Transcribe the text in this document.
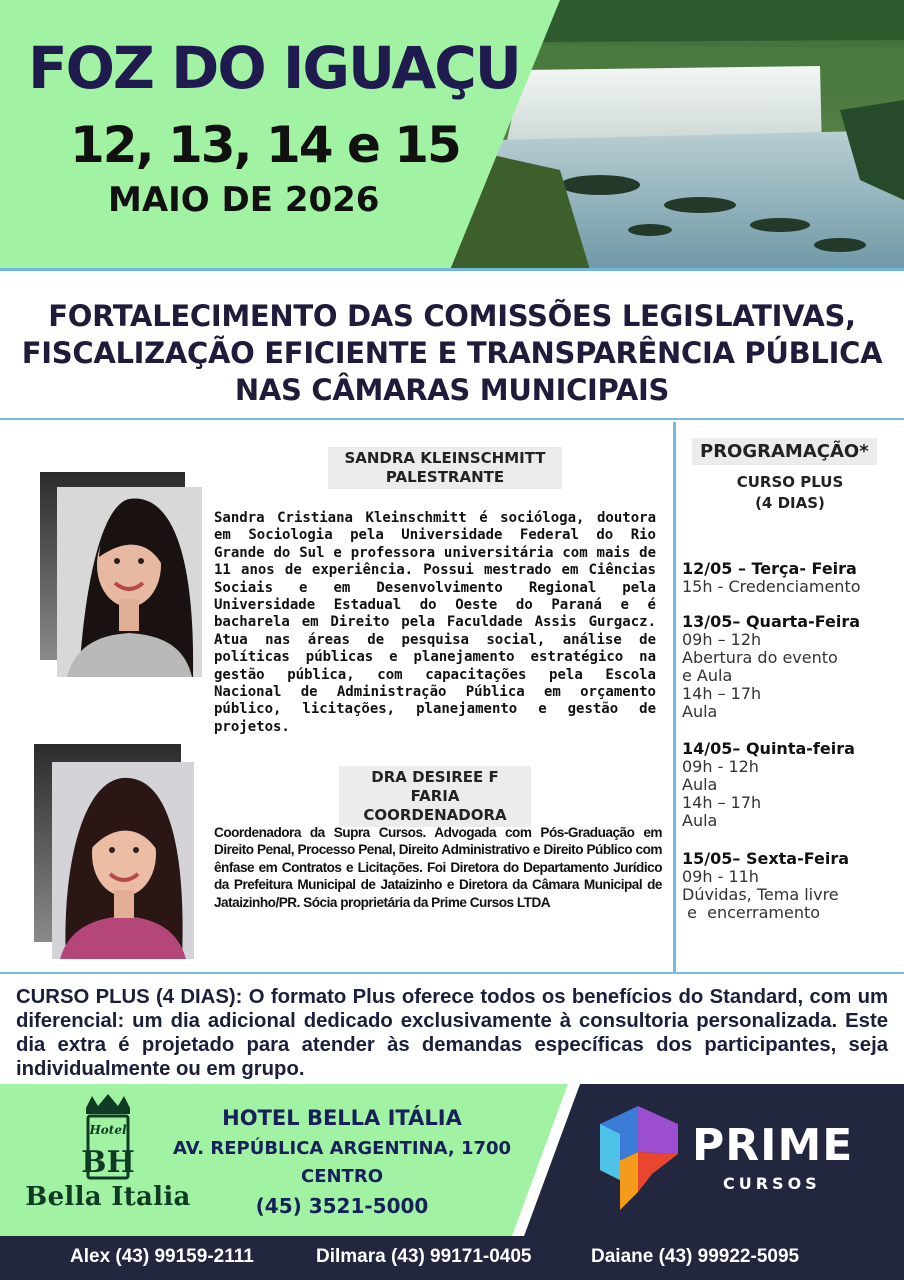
FOZ DO IGUAÇU
12, 13, 14 e 15
MAIO DE 2026
FORTALECIMENTO DAS COMISSÕES LEGISLATIVAS,
FISCALIZAÇÃO EFICIENTE E TRANSPARÊNCIA PÚBLICA
NAS CÂMARAS MUNICIPAIS
SANDRA KLEINSCHMITT
PALESTRANTE
Sandra Cristiana Kleinschmitt é socióloga, doutora em Sociologia pela Universidade Federal do Rio Grande do Sul e professora universitária com mais de 11 anos de experiência. Possui mestrado em Ciências Sociais e em Desenvolvimento Regional pela Universidade Estadual do Oeste do Paraná e é bacharela em Direito pela Faculdade Assis Gurgacz. Atua nas áreas de pesquisa social, análise de políticas públicas e planejamento estratégico na gestão pública, com capacitações pela Escola Nacional de Administração Pública em orçamento público, licitações, planejamento e gestão de projetos.
DRA DESIREE F FARIA
COORDENADORA
Coordenadora da Supra Cursos. Advogada com Pós-Graduação em Direito Penal, Processo Penal, Direito Administrativo e Direito Público com ênfase em Contratos e Licitações. Foi Diretora do Departamento Jurídico da Prefeitura Municipal de Jataizinho e Diretora da Câmara Municipal de Jataizinho/PR. Sócia proprietária da Prime Cursos LTDA
PROGRAMAÇÃO*
CURSO PLUS
(4 DIAS)
12/05 – Terça- Feira
15h - Credenciamento
13/05– Quarta-Feira
09h – 12h
Abertura do evento
e Aula
14h – 17h
Aula
14/05– Quinta-feira
09h - 12h
Aula
14h – 17h
Aula
15/05– Sexta-Feira
09h - 11h
Dúvidas, Tema livre
e  encerramento
CURSO PLUS (4 DIAS): O formato Plus oferece todos os benefícios do Standard, com um diferencial: um dia adicional dedicado exclusivamente à consultoria personalizada. Este dia extra é projetado para atender às demandas específicas dos participantes, seja individualmente ou em grupo.
Hotel
BH
Bella Italia
HOTEL BELLA ITÁLIA
AV. REPÚBLICA ARGENTINA, 1700
CENTRO
(45) 3521-5000
PRIME
CURSOS
Alex (43) 99159-2111	Dilmara (43) 99171-0405	Daiane (43) 99922-5095
